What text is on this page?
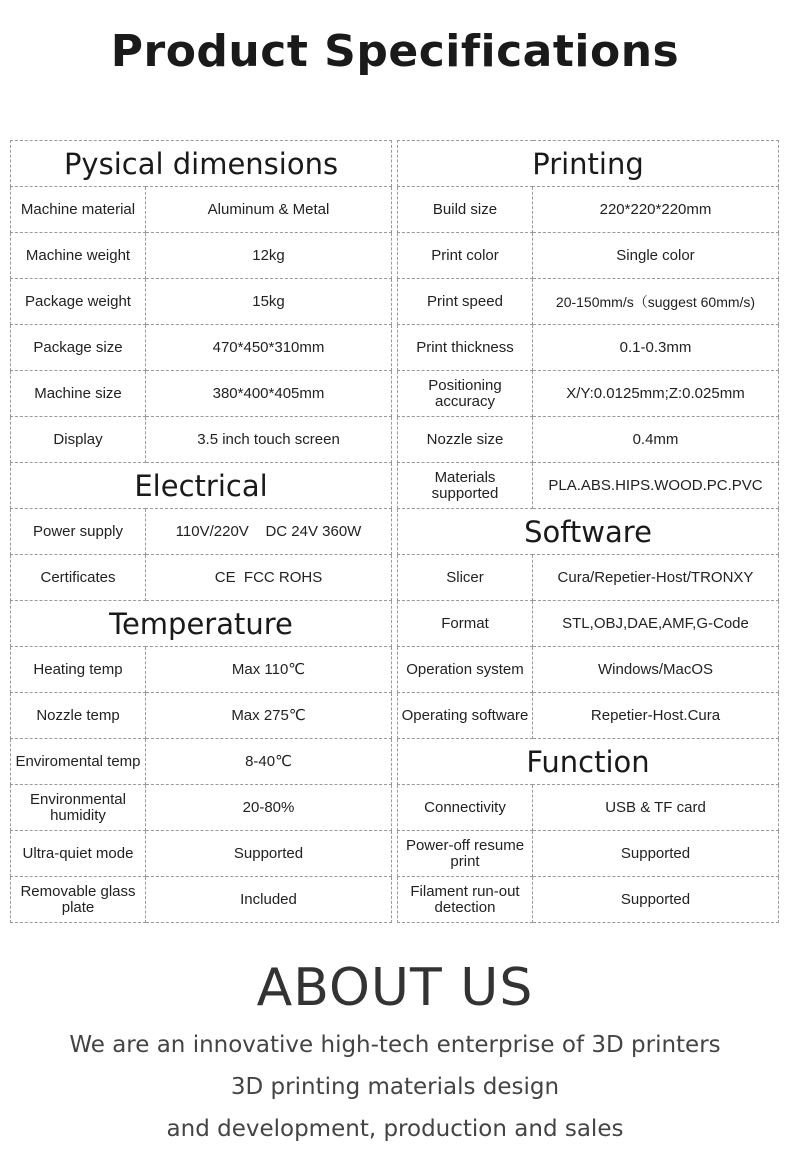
Product Specifications
Pysical dimensions	
Machine material	Aluminum & Metal
Machine weight	12kg
Package weight	15kg
Package size	470*450*310mm
Machine size	380*400*405mm
Display	3.5 inch touch screen
Electrical	
Power supply	110V/220V    DC 24V 360W
Certificates	CE  FCC ROHS
Temperature	
Heating temp	Max 110℃
Nozzle temp	Max 275℃
Enviromental temp	8-40℃
Environmental humidity	20-80%
Ultra-quiet mode	Supported
Removable glass plate	Included
Printing	
Build size	220*220*220mm
Print color	Single color
Print speed	20-150mm/s（suggest 60mm/s)
Print thickness	0.1-0.3mm
Positioning accuracy	X/Y:0.0125mm;Z:0.025mm
Nozzle size	0.4mm
Materials supported	PLA.ABS.HIPS.WOOD.PC.PVC
Software	
Slicer	Cura/Repetier-Host/TRONXY
Format	STL,OBJ,DAE,AMF,G-Code
Operation system	Windows/MacOS
Operating software	Repetier-Host.Cura
Function	
Connectivity	USB & TF card
Power-off resume print	Supported
Filament run-out detection	Supported
ABOUT US
We are an innovative high-tech enterprise of 3D printers
3D printing materials design
and development, production and sales
